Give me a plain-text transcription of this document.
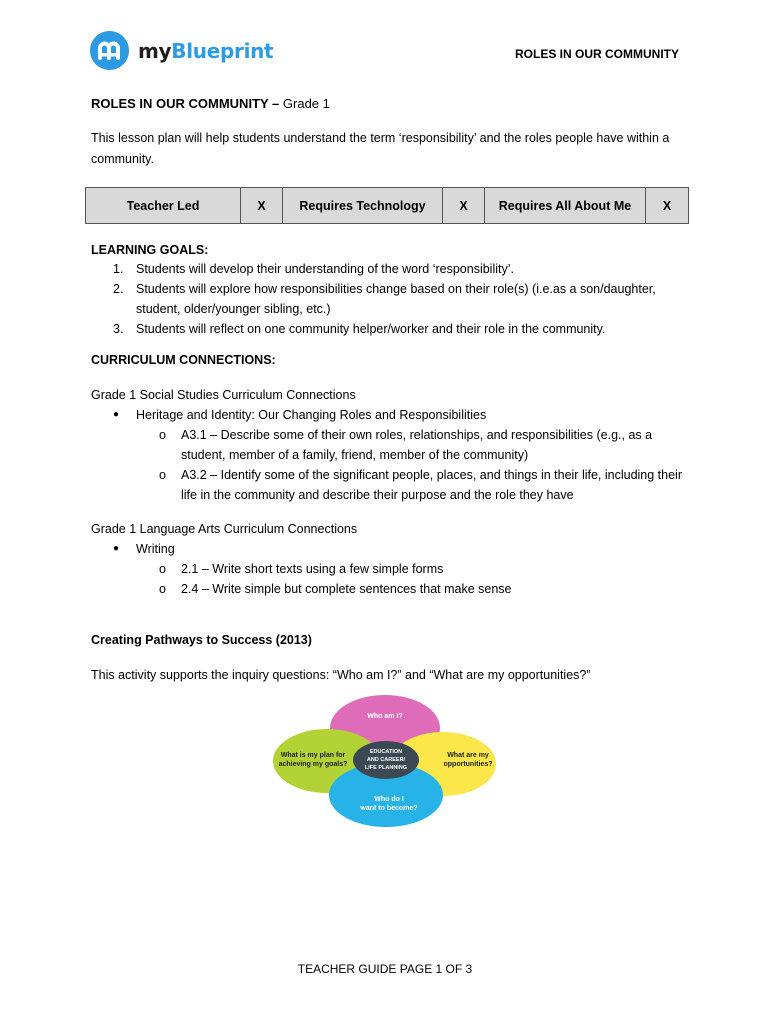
myBlueprint	ROLES IN OUR COMMUNITY
ROLES IN OUR COMMUNITY – Grade 1
This lesson plan will help students understand the term ‘responsibility’ and the roles people have within a community.
Teacher Led	X	Requires Technology	X	Requires All About Me	X
LEARNING GOALS:
1. Students will develop their understanding of the word ‘responsibility’.
2. Students will explore how responsibilities change based on their role(s) (i.e.as a son/daughter, student, older/younger sibling, etc.)
3. Students will reflect on one community helper/worker and their role in the community.
CURRICULUM CONNECTIONS:
Grade 1 Social Studies Curriculum Connections
● Heritage and Identity: Our Changing Roles and Responsibilities
o A3.1 – Describe some of their own roles, relationships, and responsibilities (e.g., as a student, member of a family, friend, member of the community)
o A3.2 – Identify some of the significant people, places, and things in their life, including their life in the community and describe their purpose and the role they have
Grade 1 Language Arts Curriculum Connections
● Writing
o 2.1 – Write short texts using a few simple forms
o 2.4 – Write simple but complete sentences that make sense
Creating Pathways to Success (2013)
This activity supports the inquiry questions: “Who am I?” and “What are my opportunities?”
Who am I?
Who do I
want to become?
What is my plan for
achieving my goals?
What are my
opportunities?
EDUCATION
AND CAREER/
LIFE PLANNING
TEACHER GUIDE PAGE 1 OF 3
